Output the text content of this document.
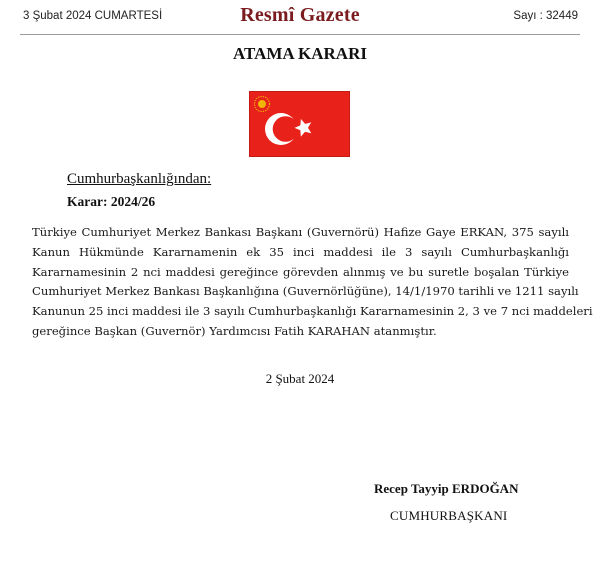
3 Şubat 2024 CUMARTESİ	Resmî Gazete	Sayı : 32449
ATAMA KARARI
Cumhurbaşkanlığından:
Karar: 2024/26

Türkiye Cumhuriyet Merkez Bankası Başkanı (Guvernörü) Hafize Gaye ERKAN, 375 sayılı
Kanun Hükmünde Kararnamenin ek 35 inci maddesi ile 3 sayılı Cumhurbaşkanlığı
Kararnamesinin 2 nci maddesi gereğince görevden alınmış ve bu suretle boşalan Türkiye
Cumhuriyet Merkez Bankası Başkanlığına (Guvernörlüğüne), 14/1/1970 tarihli ve 1211 sayılı
Kanunun 25 inci maddesi ile 3 sayılı Cumhurbaşkanlığı Kararnamesinin 2, 3 ve 7 nci maddeleri
gereğince Başkan (Guvernör) Yardımcısı Fatih KARAHAN atanmıştır.

2 Şubat 2024
Recep Tayyip ERDOĞAN
CUMHURBAŞKANI
